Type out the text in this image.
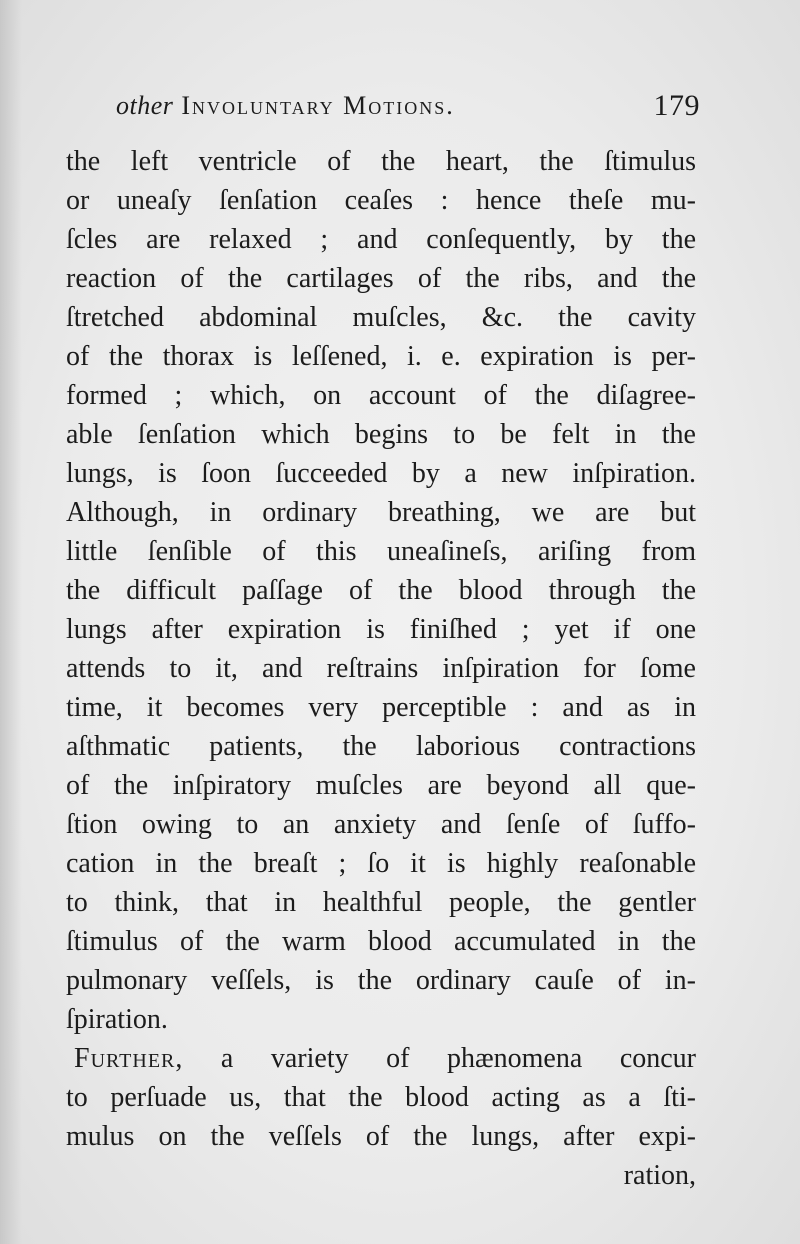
other Involuntary Motions.	179
the left ventricle of the heart, the ſtimulus
or uneaſy ſenſation ceaſes : hence theſe mu-
ſcles are relaxed ; and conſequently, by the
reaction of the cartilages of the ribs, and the
ſtretched abdominal muſcles, &c. the cavity
of the thorax is leſſened, i. e. expiration is per-
formed ; which, on account of the diſagree-
able ſenſation which begins to be felt in the
lungs, is ſoon ſucceeded by a new inſpiration.
Although, in ordinary breathing, we are but
little ſenſible of this uneaſineſs, ariſing from
the difficult paſſage of the blood through the
lungs after expiration is finiſhed ; yet if one
attends to it, and reſtrains inſpiration for ſome
time, it becomes very perceptible : and as in
aſthmatic patients, the laborious contractions
of the inſpiratory muſcles are beyond all que-
ſtion owing to an anxiety and ſenſe of ſuffo-
cation in the breaſt ; ſo it is highly reaſonable
to think, that in healthful people, the gentler
ſtimulus of the warm blood accumulated in the
pulmonary veſſels, is the ordinary cauſe of in-
ſpiration.
Further, a variety of phænomena concur
to perſuade us, that the blood acting as a ſti-
mulus on the veſſels of the lungs, after expi-
ration,
